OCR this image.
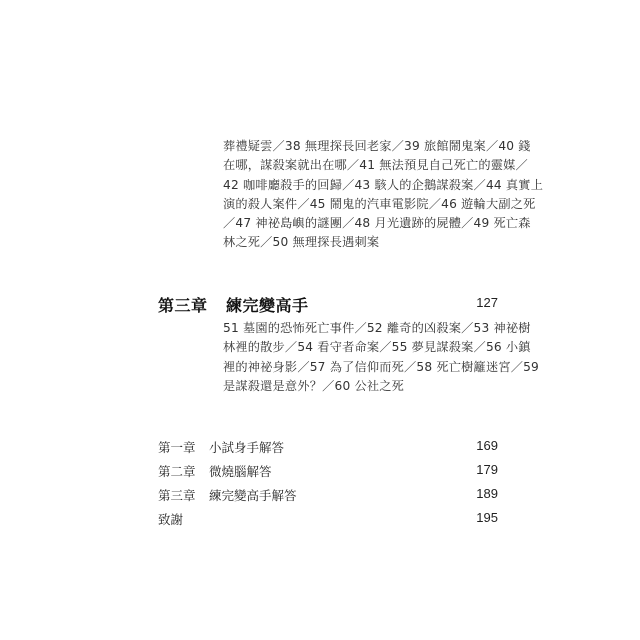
葬禮疑雲／38 無理探長回老家／39 旅館鬧鬼案／40 錢
在哪，謀殺案就出在哪／41 無法預見自己死亡的靈媒／
42 咖啡廳殺手的回歸／43 駭人的企鵝謀殺案／44 真實上
演的殺人案件／45 鬧鬼的汽車電影院／46 遊輪大副之死
／47 神祕島嶼的謎團／48 月光遺跡的屍體／49 死亡森
林之死／50 無理探長遇刺案
第三章 練完變高手	127
51 墓園的恐怖死亡事件／52 離奇的凶殺案／53 神祕樹
林裡的散步／54 看守者命案／55 夢見謀殺案／56 小鎮
裡的神祕身影／57 為了信仰而死／58 死亡樹籬迷宮／59
是謀殺還是意外？／60 公社之死
第一章 小試身手解答	169
第二章 微燒腦解答	179
第三章 練完變高手解答	189
致謝	195
